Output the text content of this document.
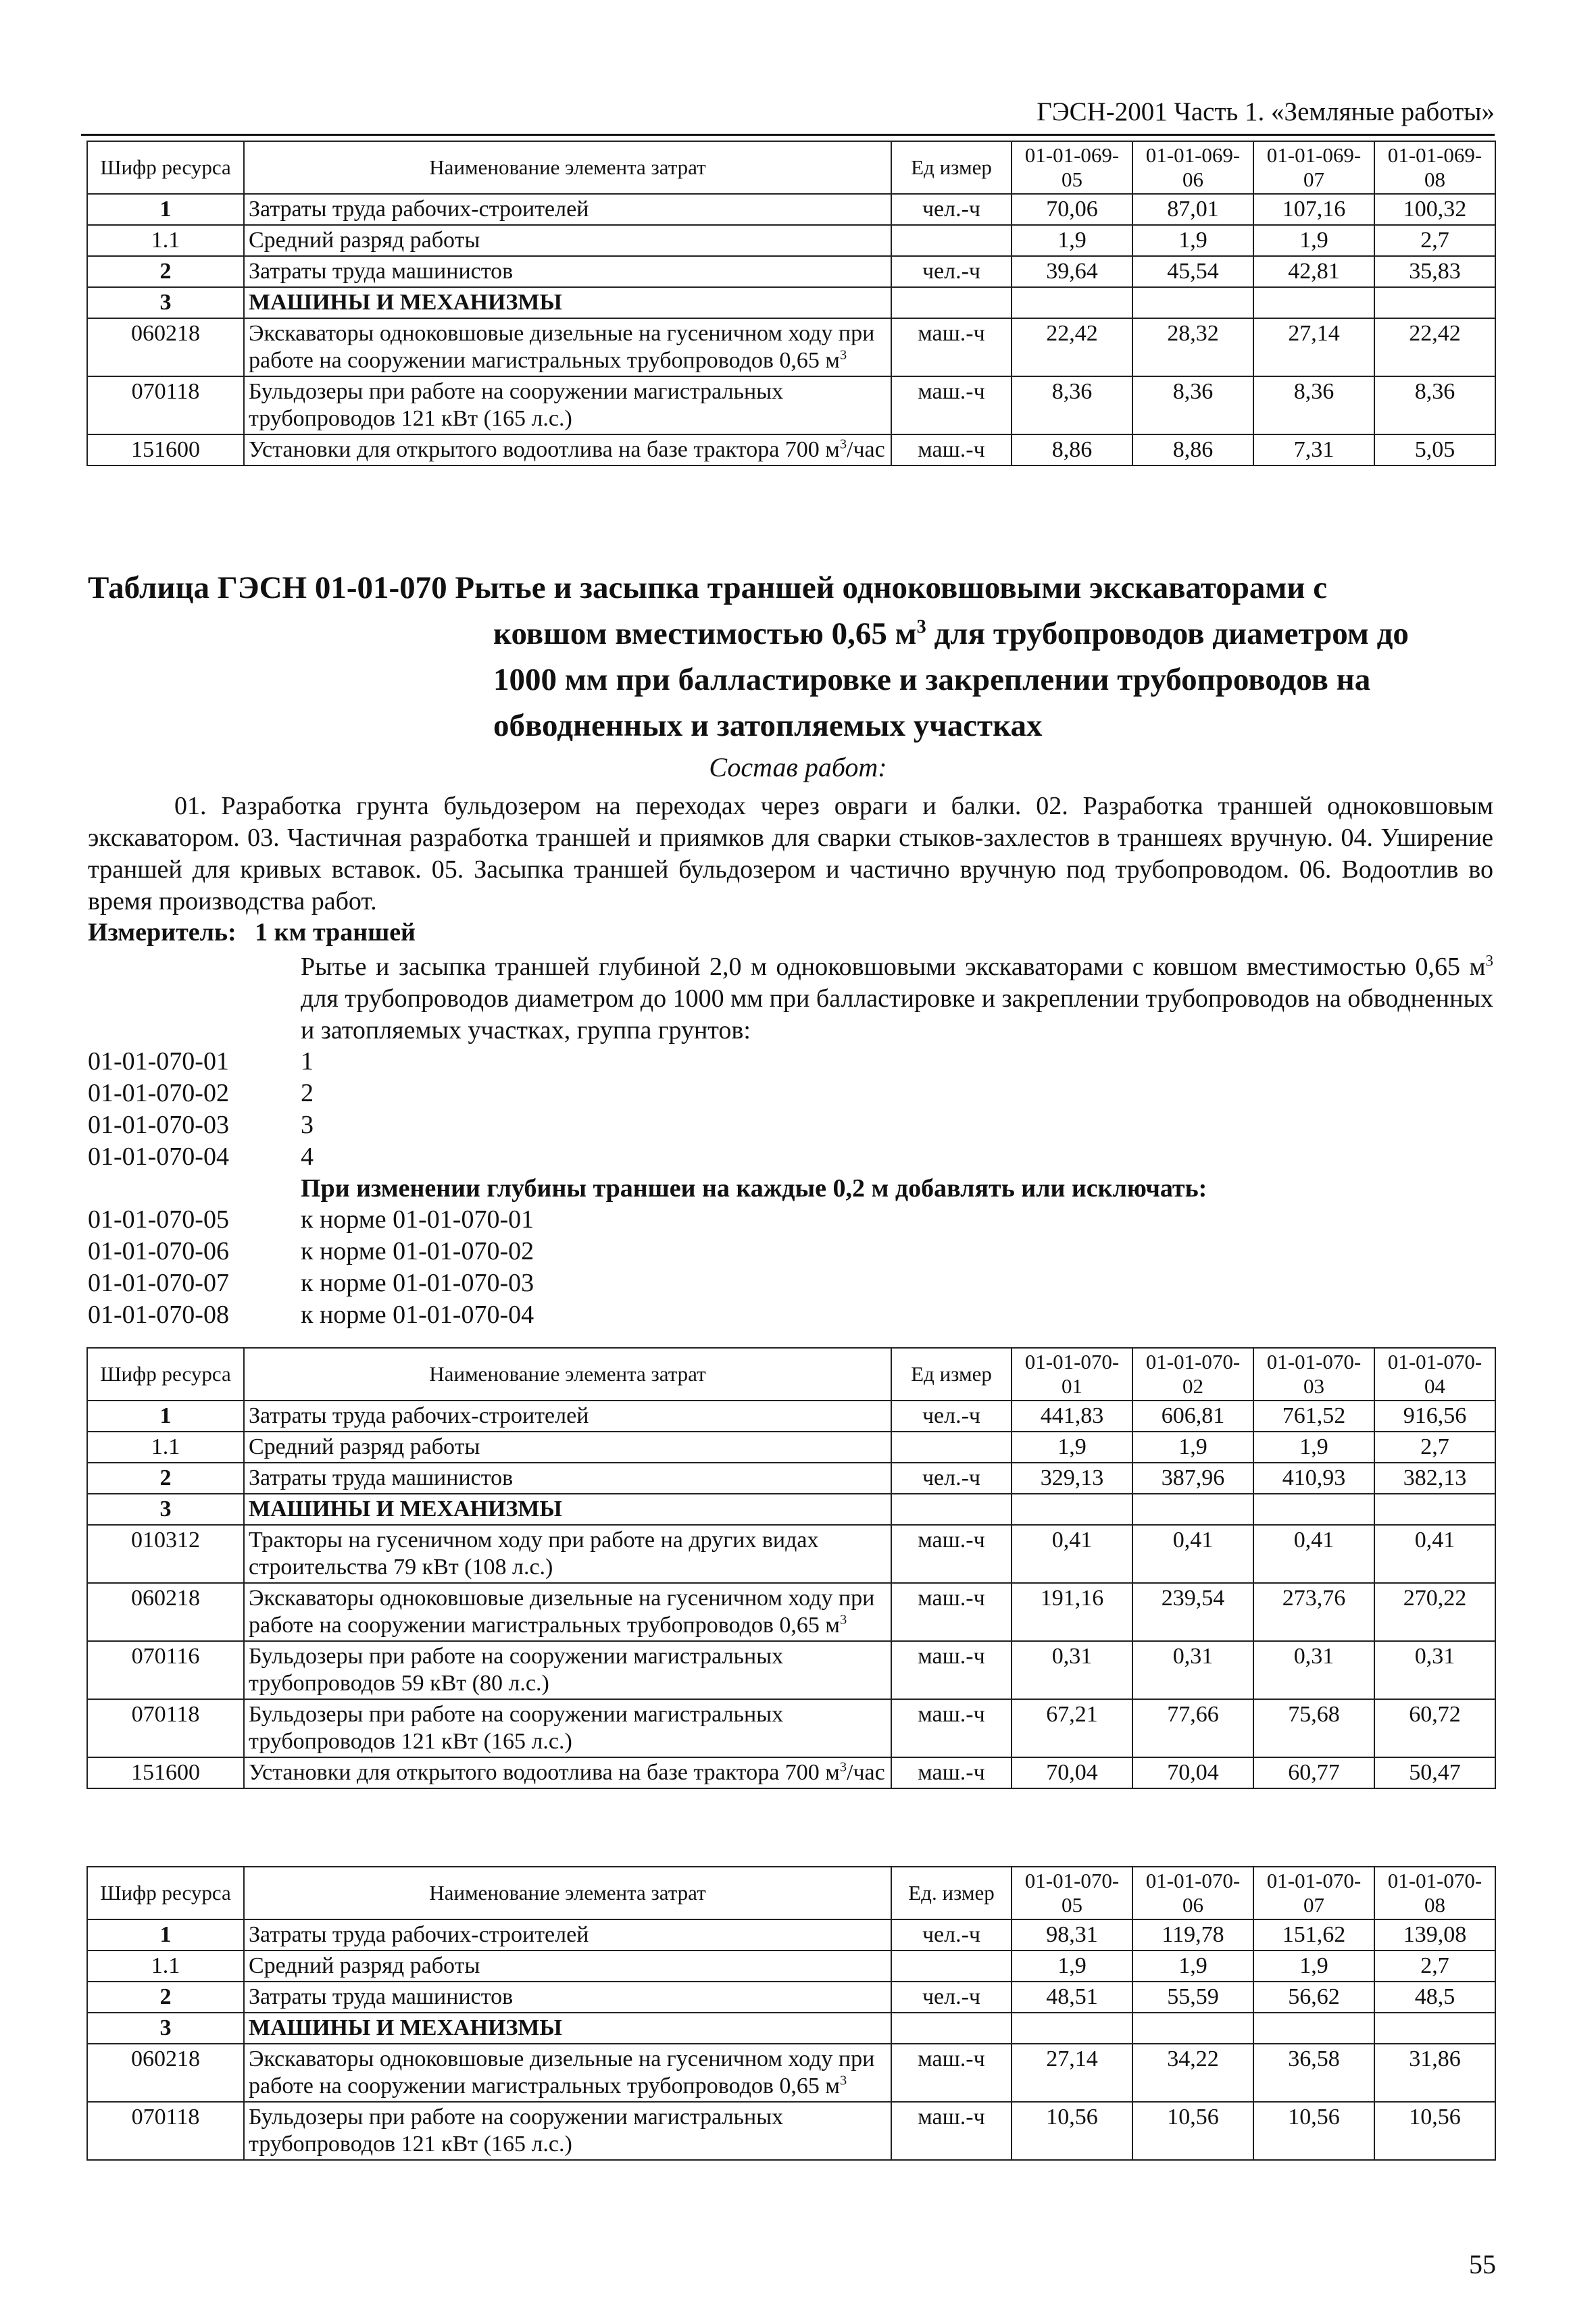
ГЭСН-2001 Часть 1. «Земляные работы»
Шифр ресурса	Наименование элемента затрат	Ед измер	01-01-069-05	01-01-069-06	01-01-069-07	01-01-069-08
1	Затраты труда рабочих-строителей	чел.-ч	70,06	87,01	107,16	100,32
1.1	Средний разряд работы		1,9	1,9	1,9	2,7
2	Затраты труда машинистов	чел.-ч	39,64	45,54	42,81	35,83
3	МАШИНЫ И МЕХАНИЗМЫ					
060218	Экскаваторы одноковшовые дизельные на гусеничном ходу при работе на сооружении магистральных трубопроводов 0,65 $м^3$	маш.-ч	22,42	28,32	27,14	22,42
070118	Бульдозеры при работе на сооружении магистральных трубопроводов 121 кВт (165 л.с.)	маш.-ч	8,36	8,36	8,36	8,36
151600	Установки для открытого водоотлива на базе трактора 700 $м^3$/час	маш.-ч	8,86	8,86	7,31	5,05
Таблица ГЭСН 01-01-070 Рытье и засыпка траншей одноковшовыми экскаваторами с
ковшом вместимостью 0,65 $м^3$ для трубопроводов диаметром до
1000 мм при балластировке и закреплении трубопроводов на
обводненных и затопляемых участках
Состав работ:
01. Разработка грунта бульдозером на переходах через овраги и балки. 02. Разработка траншей одноковшовым экскаватором. 03. Частичная разработка траншей и приямков для сварки стыков-захлестов в траншеях вручную. 04. Уширение траншей для кривых вставок. 05. Засыпка траншей бульдозером и частично вручную под трубопроводом. 06. Водоотлив во время производства работ.
Измеритель: 1 км траншей
Рытье и засыпка траншей глубиной 2,0 м одноковшовыми экскаваторами с ковшом вместимостью 0,65 $м^3$ для трубопроводов диаметром до 1000 мм при балластировке и закреплении трубопроводов на обводненных и затопляемых участках, группа грунтов:
01-01-070-01	1
01-01-070-02	2
01-01-070-03	3
01-01-070-04	4
При изменении глубины траншеи на каждые 0,2 м добавлять или исключать:
01-01-070-05	к норме 01-01-070-01
01-01-070-06	к норме 01-01-070-02
01-01-070-07	к норме 01-01-070-03
01-01-070-08	к норме 01-01-070-04
Шифр ресурса	Наименование элемента затрат	Ед измер	01-01-070-01	01-01-070-02	01-01-070-03	01-01-070-04
1	Затраты труда рабочих-строителей	чел.-ч	441,83	606,81	761,52	916,56
1.1	Средний разряд работы		1,9	1,9	1,9	2,7
2	Затраты труда машинистов	чел.-ч	329,13	387,96	410,93	382,13
3	МАШИНЫ И МЕХАНИЗМЫ					
010312	Тракторы на гусеничном ходу при работе на других видах строительства 79 кВт (108 л.с.)	маш.-ч	0,41	0,41	0,41	0,41
060218	Экскаваторы одноковшовые дизельные на гусеничном ходу при работе на сооружении магистральных трубопроводов 0,65 $м^3$	маш.-ч	191,16	239,54	273,76	270,22
070116	Бульдозеры при работе на сооружении магистральных трубопроводов 59 кВт (80 л.с.)	маш.-ч	0,31	0,31	0,31	0,31
070118	Бульдозеры при работе на сооружении магистральных трубопроводов 121 кВт (165 л.с.)	маш.-ч	67,21	77,66	75,68	60,72
151600	Установки для открытого водоотлива на базе трактора 700 $м^3$/час	маш.-ч	70,04	70,04	60,77	50,47
Шифр ресурса	Наименование элемента затрат	Ед. измер	01-01-070-05	01-01-070-06	01-01-070-07	01-01-070-08
1	Затраты труда рабочих-строителей	чел.-ч	98,31	119,78	151,62	139,08
1.1	Средний разряд работы		1,9	1,9	1,9	2,7
2	Затраты труда машинистов	чел.-ч	48,51	55,59	56,62	48,5
3	МАШИНЫ И МЕХАНИЗМЫ					
060218	Экскаваторы одноковшовые дизельные на гусеничном ходу при работе на сооружении магистральных трубопроводов 0,65 $м^3$	маш.-ч	27,14	34,22	36,58	31,86
070118	Бульдозеры при работе на сооружении магистральных трубопроводов 121 кВт (165 л.с.)	маш.-ч	10,56	10,56	10,56	10,56
55
